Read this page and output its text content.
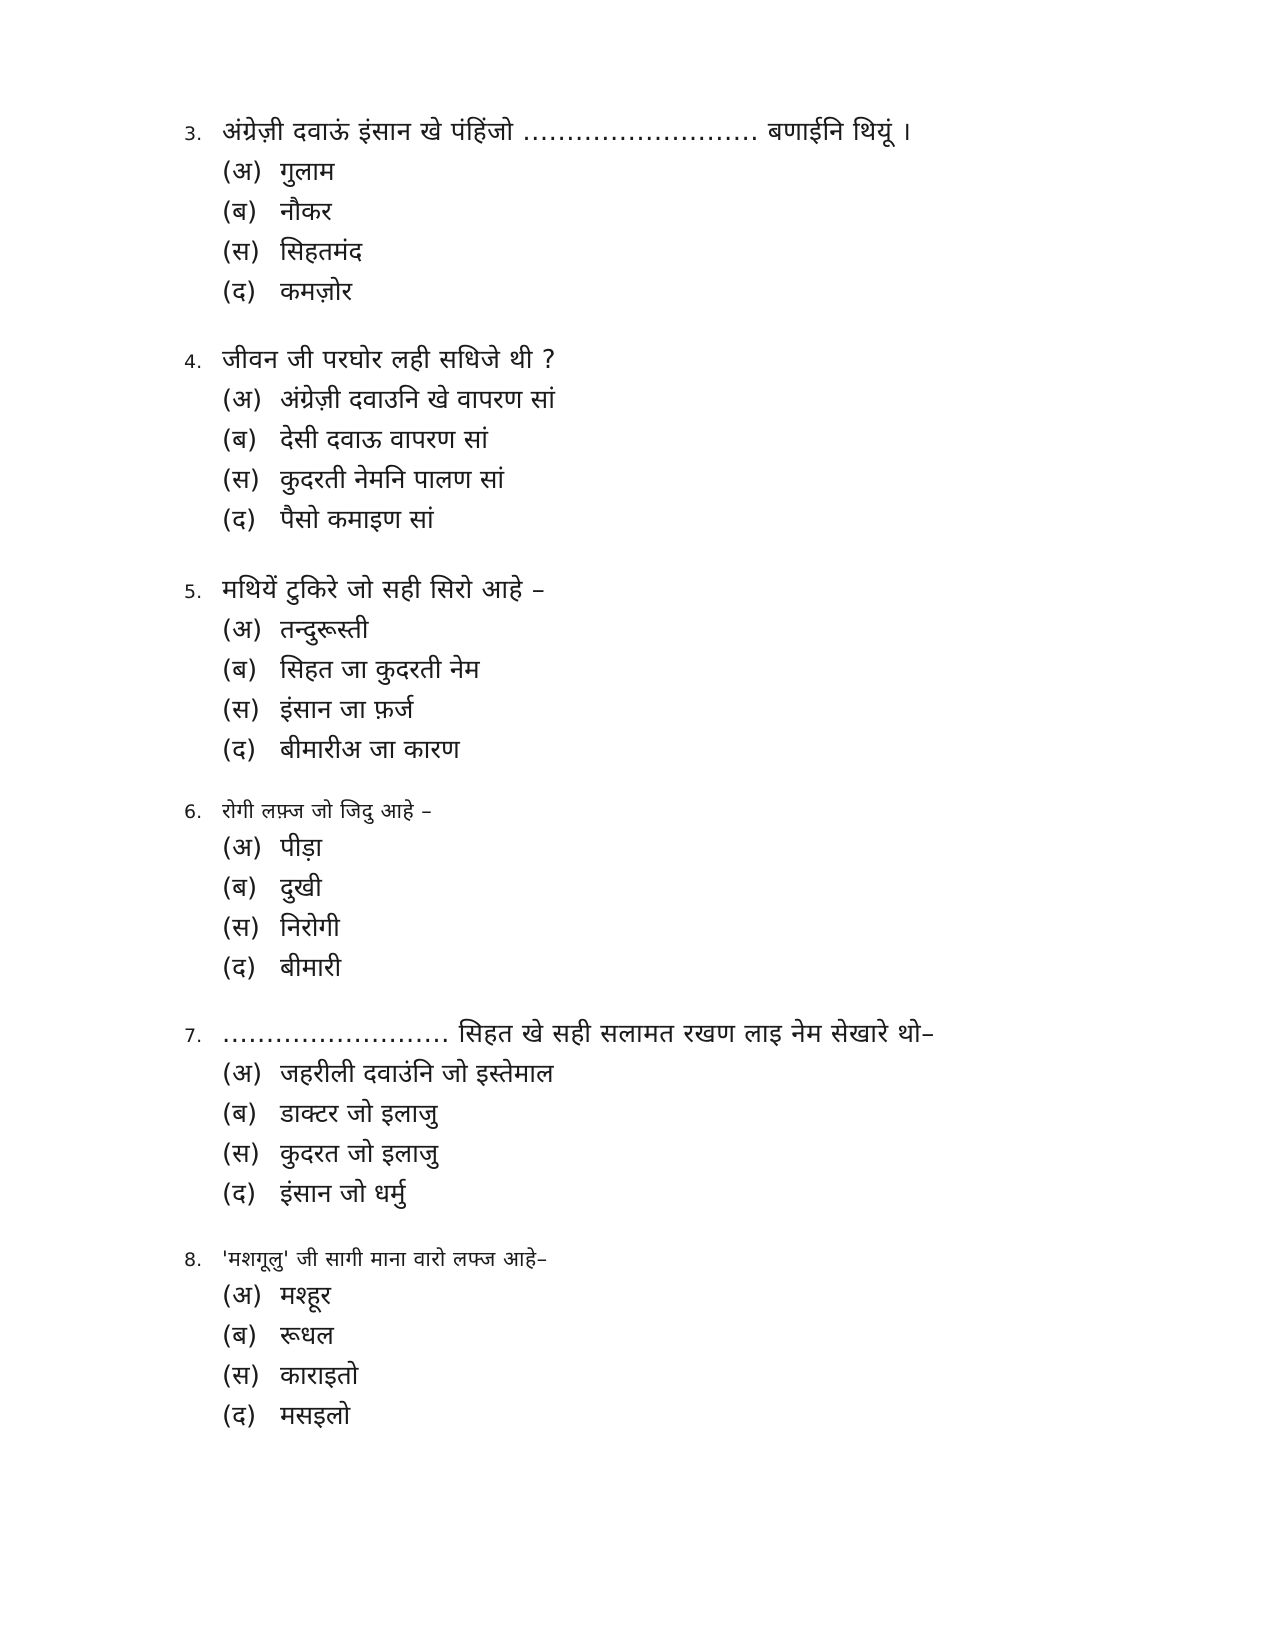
3. अंग्रेज़ी दवाऊं इंसान खे पंहिंजो ........................... बणाईनि थियूं ।
(अ) गुलाम
(ब) नौकर
(स) सिहतमंद
(द) कमज़ोर
4. जीवन जी परघोर लही सधिजे थी ?
(अ) अंग्रेज़ी दवाउनि खे वापरण सां
(ब) देसी दवाऊ वापरण सां
(स) कुदरती नेमनि पालण सां
(द) पैसो कमाइण सां
5. मथियें टुकिरे जो सही सिरो आहे –
(अ) तन्दुरूस्ती
(ब) सिहत जा कुदरती नेम
(स) इंसान जा फ़र्ज
(द) बीमारीअ जा कारण
6. रोगी लफ़्ज जो जिदु आहे –
(अ) पीड़ा
(ब) दुखी
(स) निरोगी
(द) बीमारी
7. .......................... सिहत खे सही सलामत रखण लाइ नेम सेखारे थो–
(अ) जहरीली दवाउंनि जो इस्तेमाल
(ब) डाक्टर जो इलाजु
(स) कुदरत जो इलाजु
(द) इंसान जो धर्मु
8. 'मशगूलु' जी सागी माना वारो लफ्ज आहे–
(अ) मश्हूर
(ब) रूधल
(स) काराइतो
(द) मसइलो
